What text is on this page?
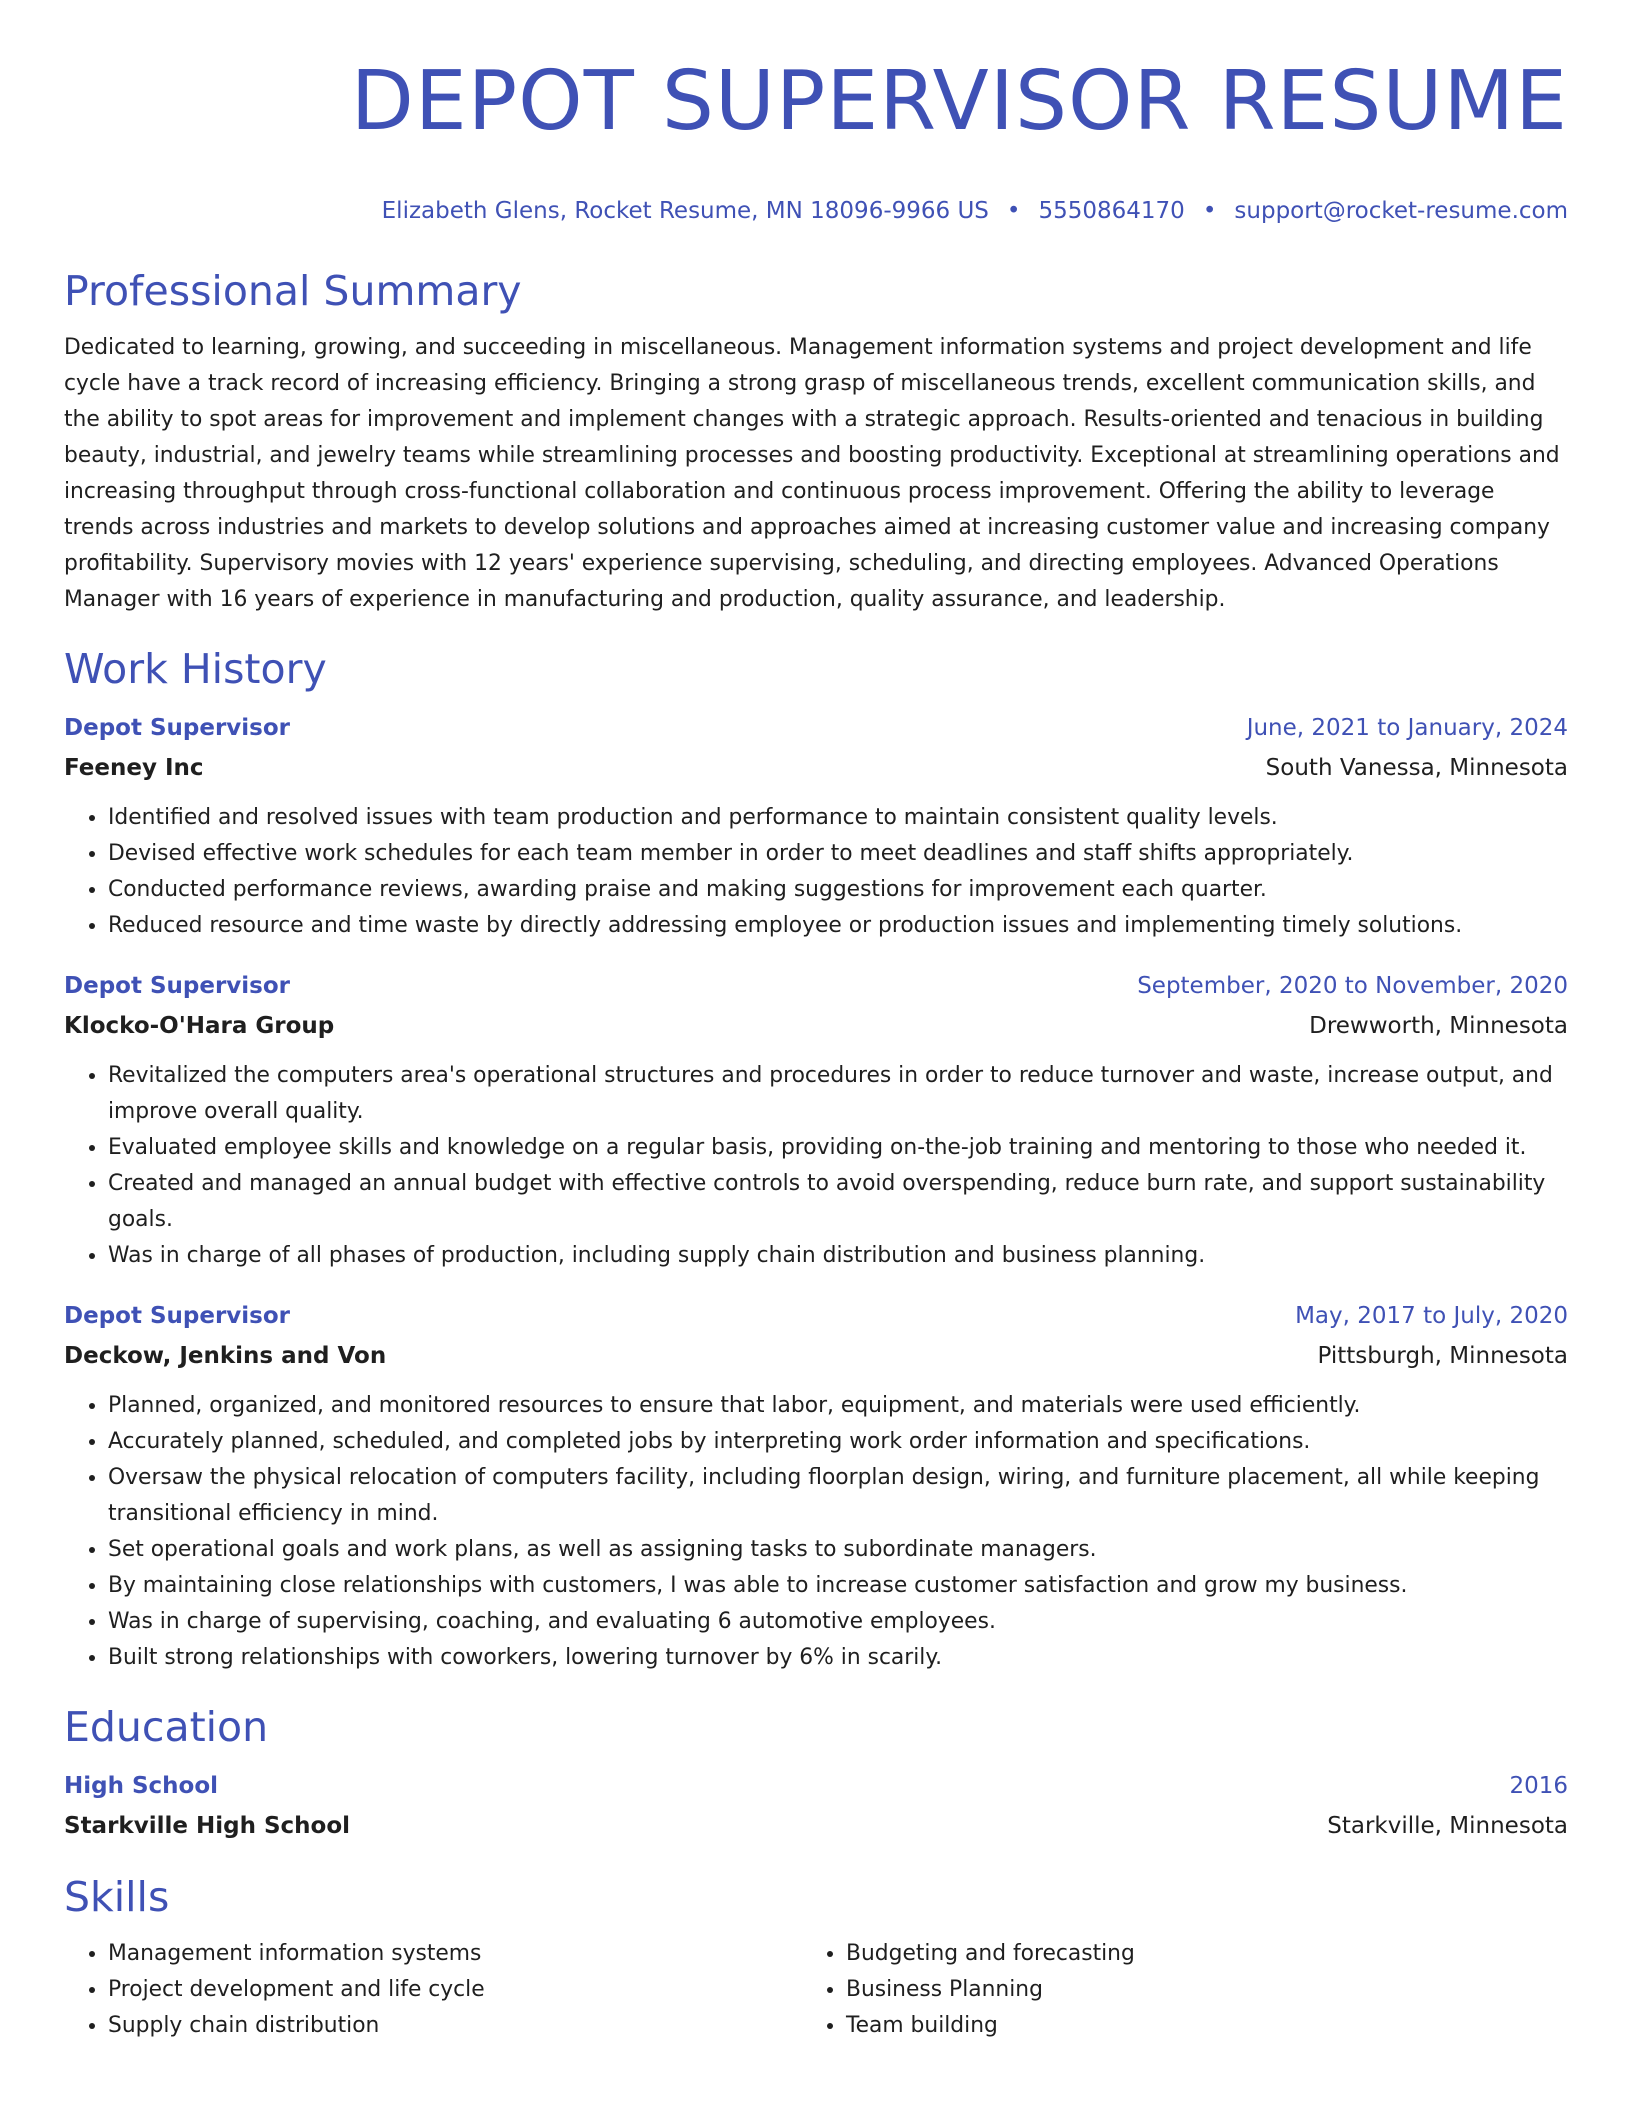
DEPOT SUPERVISOR RESUME
Elizabeth Glens, Rocket Resume, MN 18096-9966 US • 5550864170 • support@rocket-resume.com
Professional Summary

Dedicated to learning, growing, and succeeding in miscellaneous. Management information systems and project development and life cycle have a track record of increasing efficiency. Bringing a strong grasp of miscellaneous trends, excellent communication skills, and the ability to spot areas for improvement and implement changes with a strategic approach. Results-oriented and tenacious in building beauty, industrial, and jewelry teams while streamlining processes and boosting productivity. Exceptional at streamlining operations and increasing throughput through cross-functional collaboration and continuous process improvement. Offering the ability to leverage trends across industries and markets to develop solutions and approaches aimed at increasing customer value and increasing company profitability. Supervisory movies with 12 years' experience supervising, scheduling, and directing employees. Advanced Operations Manager with 16 years of experience in manufacturing and production, quality assurance, and leadership.

Work History
Depot Supervisor	June, 2021 to January, 2024
Feeney Inc	South Vanessa, Minnesota
• Identified and resolved issues with team production and performance to maintain consistent quality levels.
• Devised effective work schedules for each team member in order to meet deadlines and staff shifts appropriately.
• Conducted performance reviews, awarding praise and making suggestions for improvement each quarter.
• Reduced resource and time waste by directly addressing employee or production issues and implementing timely solutions.
Depot Supervisor	September, 2020 to November, 2020
Klocko-O'Hara Group	Drewworth, Minnesota
• Revitalized the computers area's operational structures and procedures in order to reduce turnover and waste, increase output, and improve overall quality.
• Evaluated employee skills and knowledge on a regular basis, providing on-the-job training and mentoring to those who needed it.
• Created and managed an annual budget with effective controls to avoid overspending, reduce burn rate, and support sustainability goals.
• Was in charge of all phases of production, including supply chain distribution and business planning.
Depot Supervisor	May, 2017 to July, 2020
Deckow, Jenkins and Von	Pittsburgh, Minnesota
• Planned, organized, and monitored resources to ensure that labor, equipment, and materials were used efficiently.
• Accurately planned, scheduled, and completed jobs by interpreting work order information and specifications.
• Oversaw the physical relocation of computers facility, including floorplan design, wiring, and furniture placement, all while keeping transitional efficiency in mind.
• Set operational goals and work plans, as well as assigning tasks to subordinate managers.
• By maintaining close relationships with customers, I was able to increase customer satisfaction and grow my business.
• Was in charge of supervising, coaching, and evaluating 6 automotive employees.
• Built strong relationships with coworkers, lowering turnover by 6% in scarily.
Education
High School	2016
Starkville High School	Starkville, Minnesota
Skills
• Management information systems
• Project development and life cycle
• Supply chain distribution
• Budgeting and forecasting
• Business Planning
• Team building
